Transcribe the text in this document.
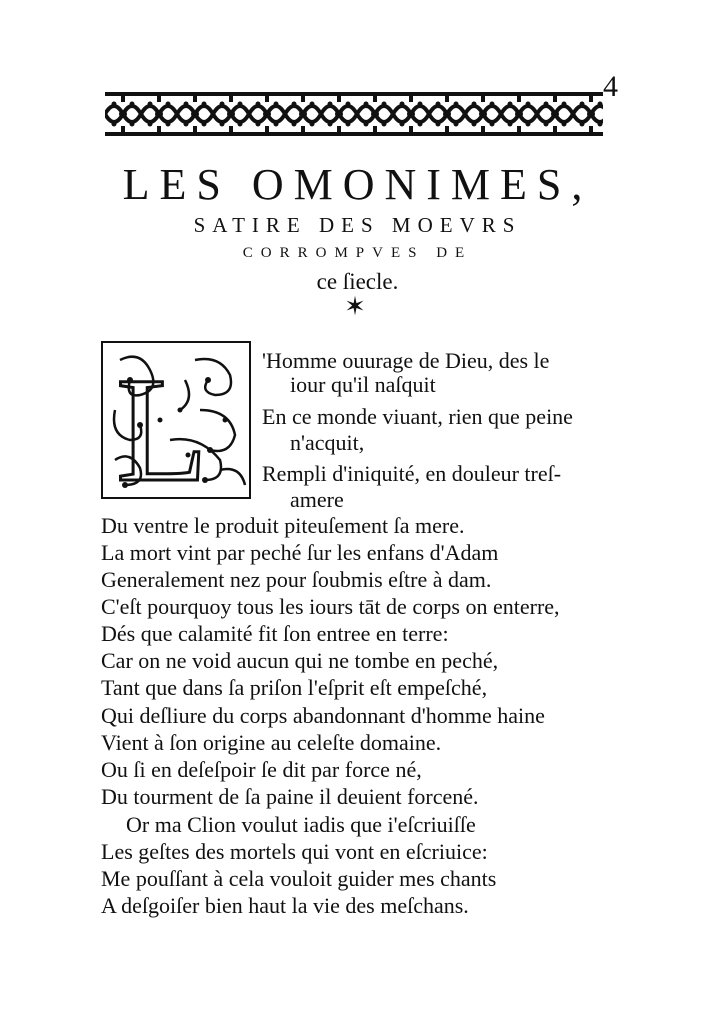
4
LES OMONIMES,
SATIRE DES MOEVRS
CORROMPVES DE
ce ſiecle.
✶
L 'Homme ouurage de Dieu, des le
iour qu'il naſquit
En ce monde viuant, rien que peine
n'acquit,
Rempli d'iniquité, en douleur treſ-
amere
Du ventre le produit piteuſement ſa mere.
La mort vint par peché ſur les enfans d'Adam
Generalement nez pour ſoubmis eſtre à dam.
C'eſt pourquoy tous les iours tāt de corps on enterre,
Dés que calamité fit ſon entree en terre:
Car on ne void aucun qui ne tombe en peché,
Tant que dans ſa priſon l'eſprit eſt empeſché,
Qui deſliure du corps abandonnant d'homme haine
Vient à ſon origine au celeſte domaine.
Ou ſi en deſeſpoir ſe dit par force né,
Du tourment de ſa paine il deuient forcené.
Or ma Clion voulut iadis que i'eſcriuiſſe
Les geſtes des mortels qui vont en eſcriuice:
Me pouſſant à cela vouloit guider mes chants
A deſgoiſer bien haut la vie des meſchans.
